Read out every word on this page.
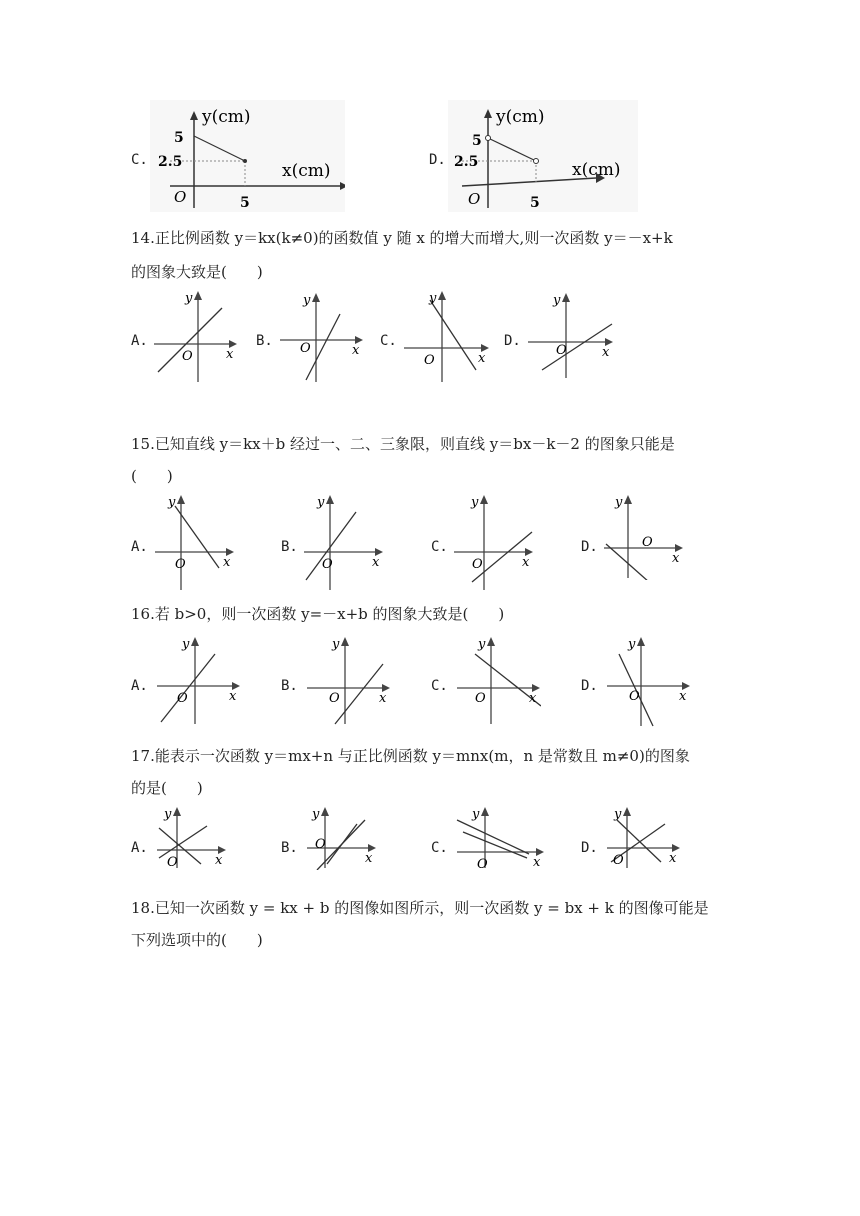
C.
y(cm)
x(cm)
5
2.5
O	5
D.
y(cm)
x(cm)
5
2.5
O	5
14.正比例函数 y＝kx(k≠0)的函数值 y 随 x 的增大而增大,则一次函数 y＝－x+k
的图象大致是(　　)
15.已知直线 y＝kx＋b 经过一、二、三象限，则直线 y＝bx－k－2 的图象只能是
(　　)
16.若 b>0，则一次函数 y=－x+b 的图象大致是(　　)
17.能表示一次函数 y＝mx+n 与正比例函数 y＝mnx(m，n 是常数且 m≠0)的图象
的是(　　)
18.已知一次函数 y = kx + b 的图像如图所示，则一次函数 y = bx + k 的图像可能是
下列选项中的(　　)
A.
x
y
O
B.
x
y
O	C.
x
y
O
D.
x
y
O
A.
x
y
O
B.
x
y
O
C.
x
y
O
D.
x
y
O
A.
x
y
O
B.
x
y
O
C.
x
y
O
D.
x
y
O
A.
x
y
O
B.
x
y
O	C.
x
y
O
D.
x
y
O
